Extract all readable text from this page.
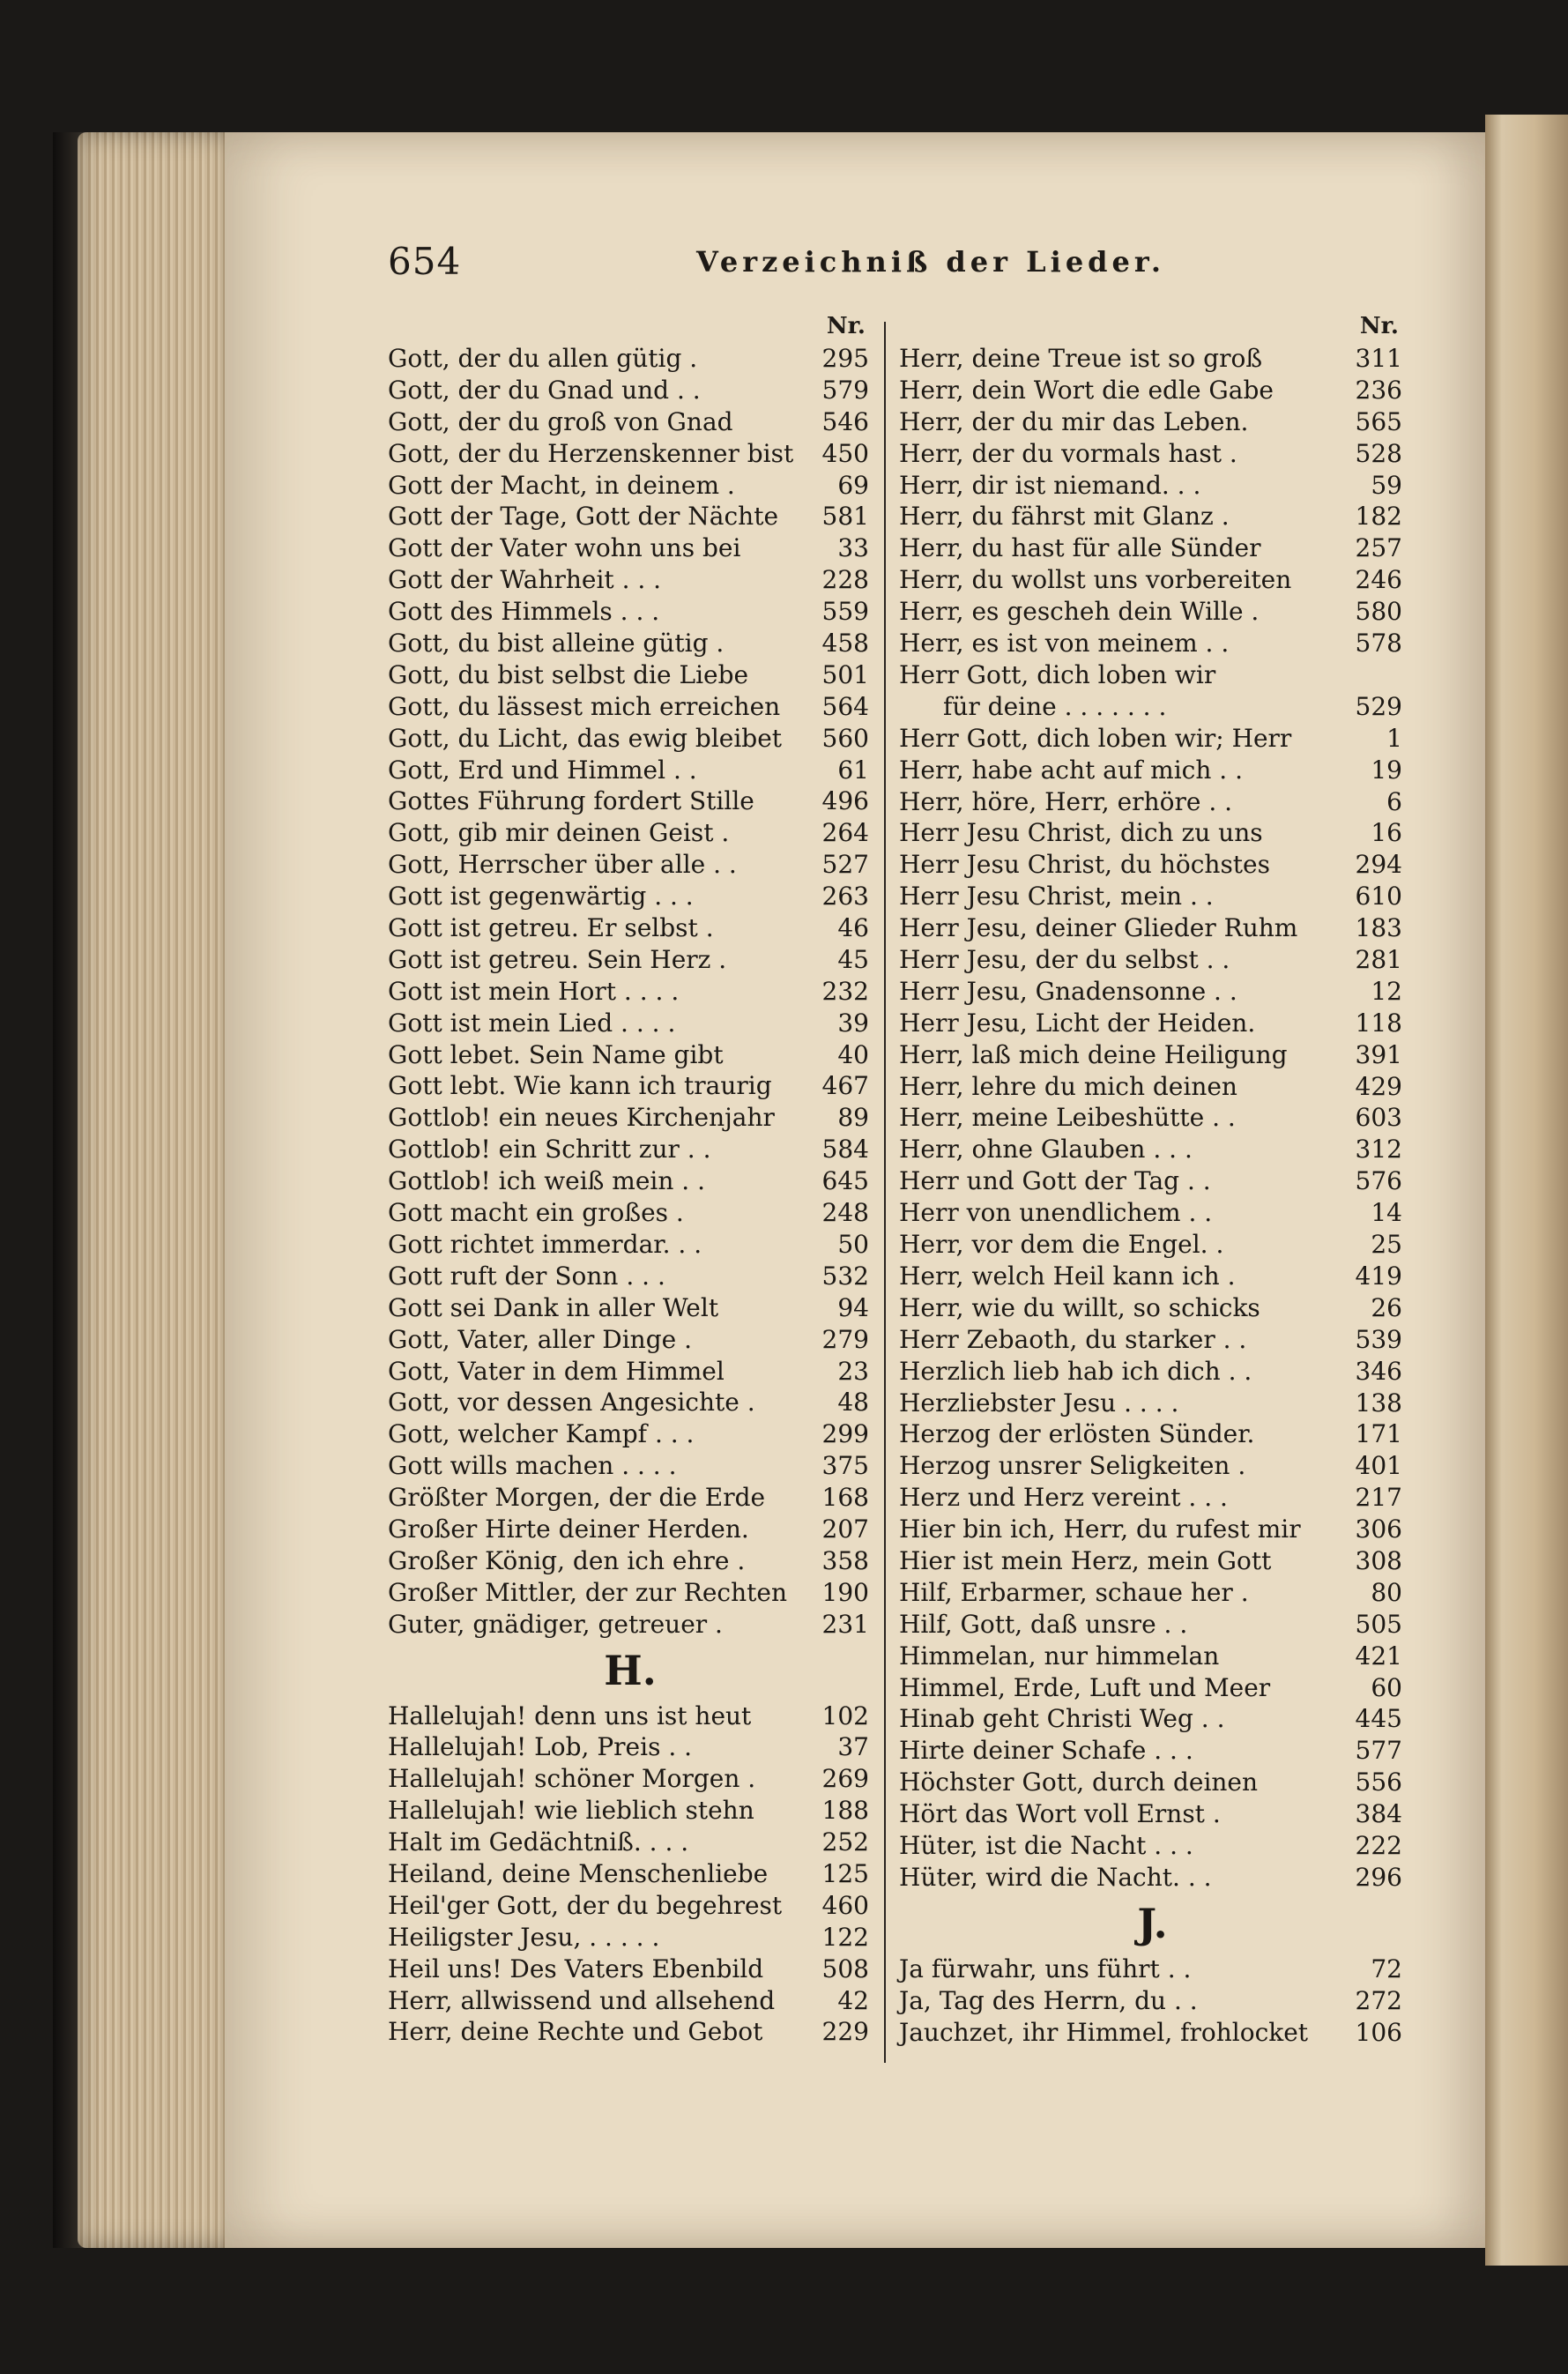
654	Verzeichniß der Lieder.
Nr.
Gott, der du allen gütig .	295
Gott, der du Gnad und . .	579
Gott, der du groß von Gnad	546
Gott, der du Herzenskenner bist 450
Gott der Macht, in deinem .	69
Gott der Tage, Gott der Nächte 581
Gott der Vater wohn uns bei	33
Gott der Wahrheit . . .	228
Gott des Himmels . . .	559
Gott, du bist alleine gütig .	458
Gott, du bist selbst die Liebe	501
Gott, du lässest mich erreichen 564
Gott, du Licht, das ewig bleibet 560
Gott, Erd und Himmel . .	61
Gottes Führung fordert Stille	496
Gott, gib mir deinen Geist .	264
Gott, Herrscher über alle . .	527
Gott ist gegenwärtig . . .	263
Gott ist getreu. Er selbst .	46
Gott ist getreu. Sein Herz .	45
Gott ist mein Hort . . . .	232
Gott ist mein Lied . . . .	39
Gott lebet. Sein Name gibt	40
Gott lebt. Wie kann ich traurig 467
Gottlob! ein neues Kirchenjahr	89
Gottlob! ein Schritt zur . .	584
Gottlob! ich weiß mein . .	645
Gott macht ein großes .	248
Gott richtet immerdar. . .	50
Gott ruft der Sonn . . .	532
Gott sei Dank in aller Welt	94
Gott, Vater, aller Dinge .	279
Gott, Vater in dem Himmel	23
Gott, vor dessen Angesichte .	48
Gott, welcher Kampf . . .	299
Gott wills machen . . . .	375
Größter Morgen, der die Erde 168
Großer Hirte deiner Herden.	207
Großer König, den ich ehre .	358
Großer Mittler, der zur Rechten 190
Guter, gnädiger, getreuer .	231
H.
Hallelujah! denn uns ist heut	102
Hallelujah! Lob, Preis . .	37
Hallelujah! schöner Morgen .	269
Hallelujah! wie lieblich stehn	188
Halt im Gedächtniß. . . .	252
Heiland, deine Menschenliebe 125
Heil'ger Gott, der du begehrest 460
Heiligster Jesu, . . . . .	122
Heil uns! Des Vaters Ebenbild 508
Herr, allwissend und allsehend	42
Herr, deine Rechte und Gebot 229
Nr.
Herr, deine Treue ist so groß	311
Herr, dein Wort die edle Gabe	236
Herr, der du mir das Leben.	565
Herr, der du vormals hast .	528
Herr, dir ist niemand. . .	59
Herr, du fährst mit Glanz .	182
Herr, du hast für alle Sünder	257
Herr, du wollst uns vorbereiten	246
Herr, es gescheh dein Wille .	580
Herr, es ist von meinem . .	578
Herr Gott, dich loben wir
für deine . . . . . . .	529
Herr Gott, dich loben wir; Herr	1
Herr, habe acht auf mich . .	19
Herr, höre, Herr, erhöre . .	6
Herr Jesu Christ, dich zu uns	16
Herr Jesu Christ, du höchstes	294
Herr Jesu Christ, mein . .	610
Herr Jesu, deiner Glieder Ruhm 183
Herr Jesu, der du selbst . .	281
Herr Jesu, Gnadensonne . .	12
Herr Jesu, Licht der Heiden.	118
Herr, laß mich deine Heiligung	391
Herr, lehre du mich deinen	429
Herr, meine Leibeshütte . .	603
Herr, ohne Glauben . . .	312
Herr und Gott der Tag . .	576
Herr von unendlichem . .	14
Herr, vor dem die Engel. .	25
Herr, welch Heil kann ich .	419
Herr, wie du willt, so schicks	26
Herr Zebaoth, du starker . .	539
Herzlich lieb hab ich dich . .	346
Herzliebster Jesu . . . .	138
Herzog der erlösten Sünder.	171
Herzog unsrer Seligkeiten .	401
Herz und Herz vereint . . .	217
Hier bin ich, Herr, du rufest mir 306
Hier ist mein Herz, mein Gott	308
Hilf, Erbarmer, schaue her .	80
Hilf, Gott, daß unsre . .	505
Himmelan, nur himmelan	421
Himmel, Erde, Luft und Meer	60
Hinab geht Christi Weg . .	445
Hirte deiner Schafe . . .	577
Höchster Gott, durch deinen	556
Hört das Wort voll Ernst .	384
Hüter, ist die Nacht . . .	222
Hüter, wird die Nacht. . .	296
J.
Ja fürwahr, uns führt . .	72
Ja, Tag des Herrn, du . .	272
Jauchzet, ihr Himmel, frohlocket 106
